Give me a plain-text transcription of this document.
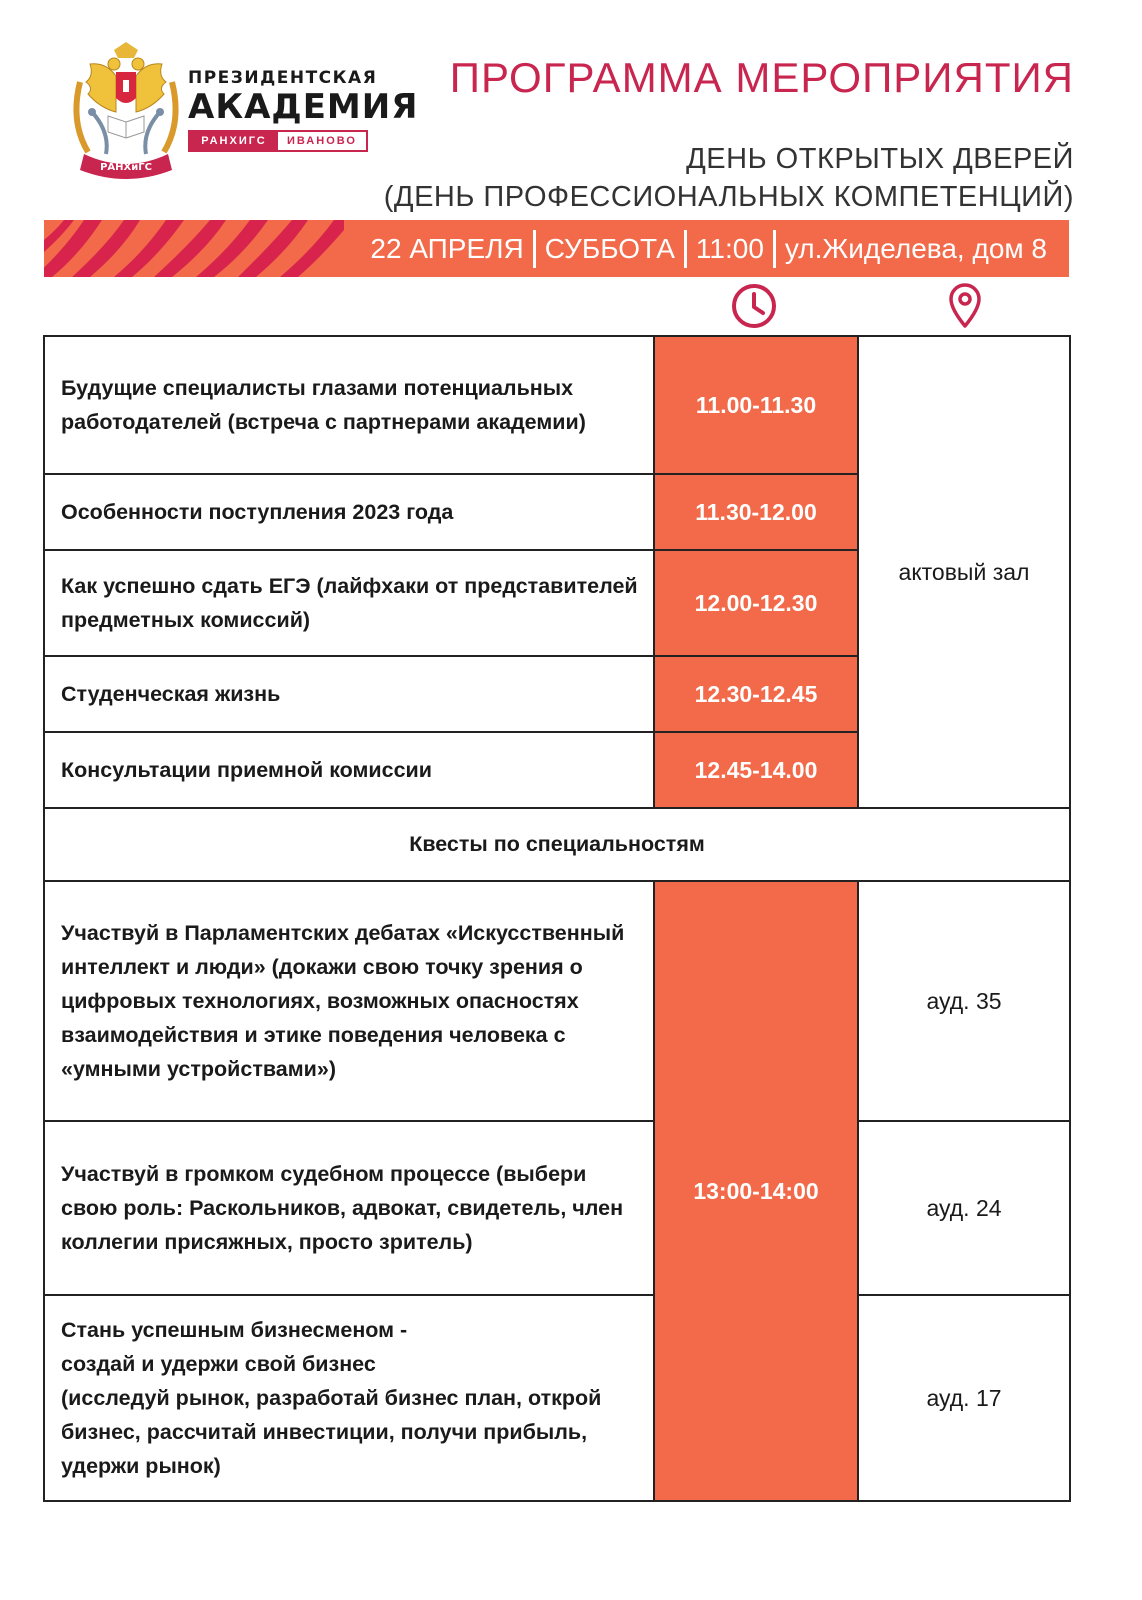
РАНХиГС
ПРЕЗИДЕНТСКАЯ
АКАДЕМИЯ
РАНХИГС	ИВАНОВО
ПРОГРАММА МЕРОПРИЯТИЯ
ДЕНЬ ОТКРЫТЫХ ДВЕРЕЙ
(ДЕНЬ ПРОФЕССИОНАЛЬНЫХ КОМПЕТЕНЦИЙ)
22 АПРЕЛЯ СУББОТА 11:00 ул.Жиделева, дом 8
Будущие специалисты глазами потенциальных работодателей (встреча с партнерами академии)	11.00-11.30	актовый зал
Особенности поступления 2023 года	11.30-12.00	
Как успешно сдать ЕГЭ (лайфхаки от представителей предметных комиссий)	12.00-12.30	
Студенческая жизнь	12.30-12.45	
Консультации приемной комиссии	12.45-14.00	
Квесты по специальностям		
Участвуй в Парламентских дебатах «Искусственный интеллект и люди» (докажи свою точку зрения о цифровых технологиях, возможных опасностях взаимодействия и этике поведения человека с «умными устройствами»)	13:00-14:00	ауд. 35
Участвуй в громком судебном процессе (выбери свою роль: Раскольников, адвокат, свидетель, член коллегии присяжных, просто зритель)		ауд. 24

Стань успешным бизнесменом -
создай и удержи свой бизнес
(исследуй рынок, разработай бизнес план, открой бизнес, рассчитай инвестиции, получи прибыль, удержи рынок)		ауд. 17
